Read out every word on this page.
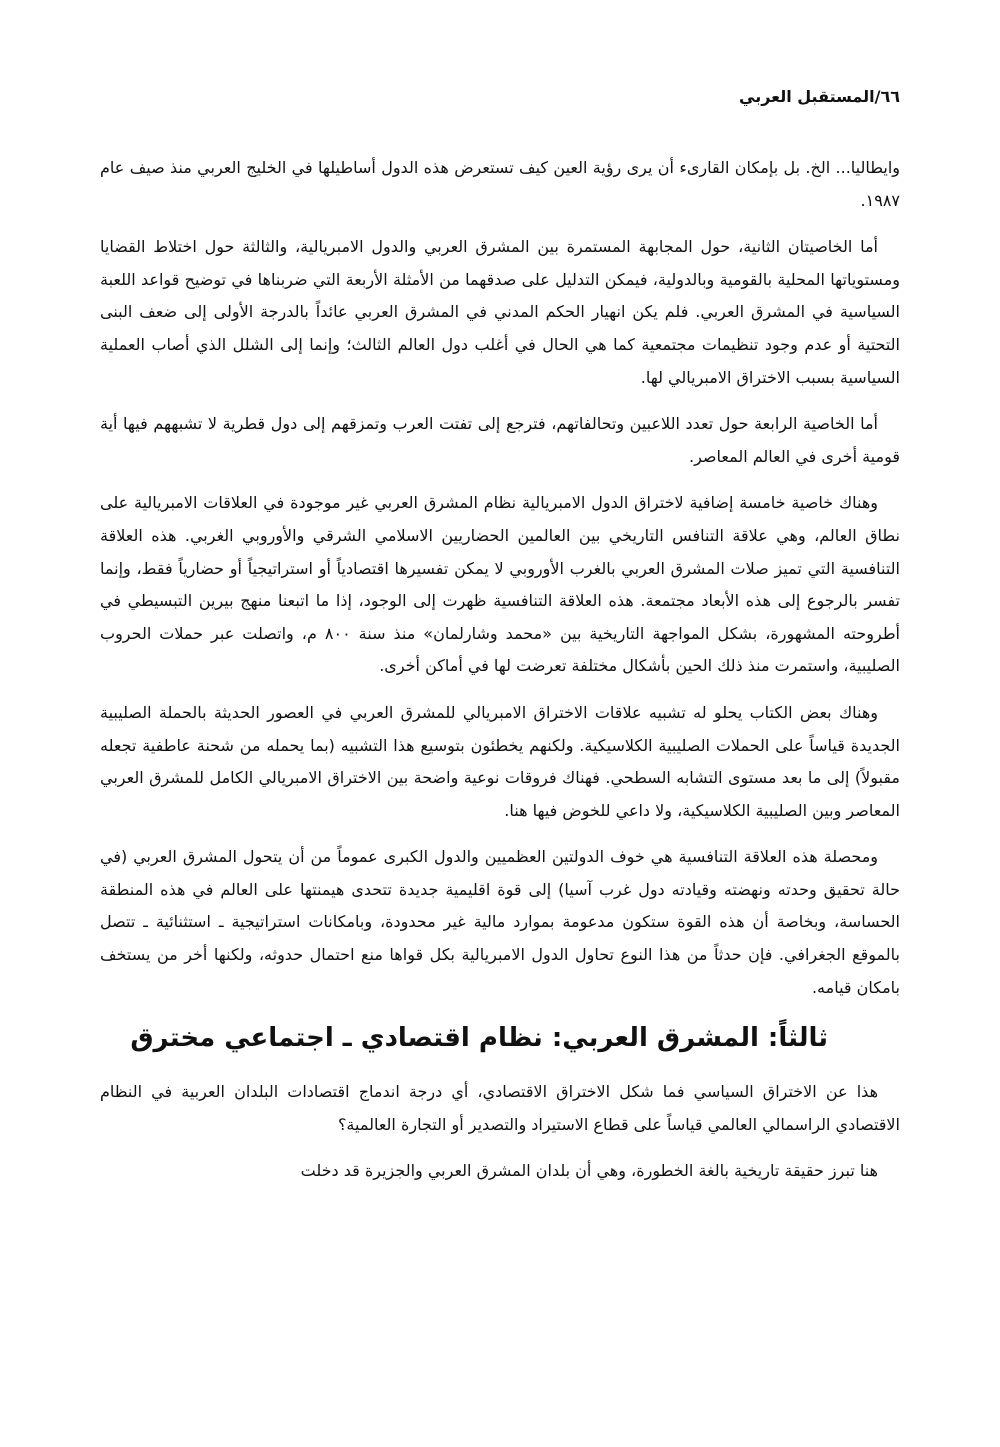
٦٦/المستقبل العربي

وايطاليا... الخ. بل بإمكان القارىء أن يرى رؤية العين كيف تستعرض هذه الدول أساطيلها في الخليج العربي منذ صيف عام ١٩٨٧.

أما الخاصيتان الثانية، حول المجابهة المستمرة بين المشرق العربي والدول الامبريالية، والثالثة حول اختلاط القضايا ومستوياتها المحلية بالقومية وبالدولية، فيمكن التدليل على صدقهما من الأمثلة الأربعة التي ضربناها في توضيح قواعد اللعبة السياسية في المشرق العربي. فلم يكن انهيار الحكم المدني في المشرق العربي عائداً بالدرجة الأولى إلى ضعف البنى التحتية أو عدم وجود تنظيمات مجتمعية كما هي الحال في أغلب دول العالم الثالث؛ وإنما إلى الشلل الذي أصاب العملية السياسية بسبب الاختراق الامبريالي لها.

أما الخاصية الرابعة حول تعدد اللاعبين وتحالفاتهم، فترجع إلى تفتت العرب وتمزقهم إلى دول قطرية لا تشبههم فيها أية قومية أخرى في العالم المعاصر.

وهناك خاصية خامسة إضافية لاختراق الدول الامبريالية نظام المشرق العربي غير موجودة في العلاقات الامبريالية على نطاق العالم، وهي علاقة التنافس التاريخي بين العالمين الحضاريين الاسلامي الشرقي والأوروبي الغربي. هذه العلاقة التنافسية التي تميز صلات المشرق العربي بالغرب الأوروبي لا يمكن تفسيرها اقتصادياً أو استراتيجياً أو حضارياً فقط، وإنما تفسر بالرجوع إلى هذه الأبعاد مجتمعة. هذه العلاقة التنافسية ظهرت إلى الوجود، إذا ما اتبعنا منهج بيرين التبسيطي في أطروحته المشهورة، بشكل المواجهة التاريخية بين «محمد وشارلمان» منذ سنة ٨٠٠ م، واتصلت عبر حملات الحروب الصليبية، واستمرت منذ ذلك الحين بأشكال مختلفة تعرضت لها في أماكن أخرى.

وهناك بعض الكتاب يحلو له تشبيه علاقات الاختراق الامبريالي للمشرق العربي في العصور الحديثة بالحملة الصليبية الجديدة قياساً على الحملات الصليبية الكلاسيكية. ولكنهم يخطئون بتوسيع هذا التشبيه (بما يحمله من شحنة عاطفية تجعله مقبولاً) إلى ما بعد مستوى التشابه السطحي. فهناك فروقات نوعية واضحة بين الاختراق الامبريالي الكامل للمشرق العربي المعاصر وبين الصليبية الكلاسيكية، ولا داعي للخوض فيها هنا.

ومحصلة هذه العلاقة التنافسية هي خوف الدولتين العظميين والدول الكبرى عموماً من أن يتحول المشرق العربي (في حالة تحقيق وحدته ونهضته وقيادته دول غرب آسيا) إلى قوة اقليمية جديدة تتحدى هيمنتها على العالم في هذه المنطقة الحساسة، وبخاصة أن هذه القوة ستكون مدعومة بموارد مالية غير محدودة، وبامكانات استراتيجية ـ استثنائية ـ تتصل بالموقع الجغرافي. فإن حدثاً من هذا النوع تحاول الدول الامبريالية بكل قواها منع احتمال حدوثه، ولكنها أخر من يستخف بامكان قيامه.

ثالثاً: المشرق العربي: نظام اقتصادي ـ اجتماعي مخترق

هذا عن الاختراق السياسي فما شكل الاختراق الاقتصادي، أي درجة اندماج اقتصادات البلدان العربية في النظام الاقتصادي الراسمالي العالمي قياساً على قطاع الاستيراد والتصدير أو التجارة العالمية؟

هنا تبرز حقيقة تاريخية بالغة الخطورة، وهي أن بلدان المشرق العربي والجزيرة قد دخلت
